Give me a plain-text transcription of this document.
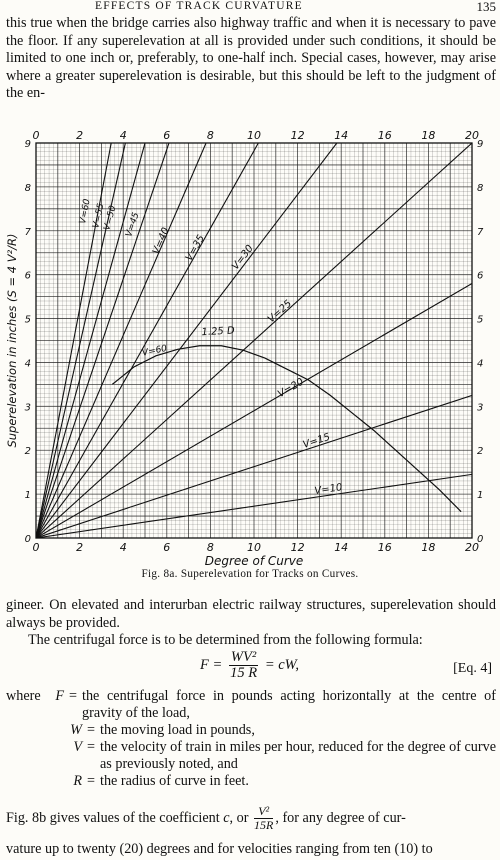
EFFECTS OF TRACK CURVATURE	135
this true when the bridge carries also highway traffic and when it is necessary to pave the floor. If any superelevation at all is provided under such conditions, it should be limited to one inch or, preferably, to one-half inch. Special cases, however, may arise where a greater superelevation is desirable, but this should be left to the judgment of the en-
0
0
2
2
4
4
6
6
8
8
10
10
12
12
14
14
16
16
18
18
20
20
0	0
1	1
2	2
3	3
4	4
5	5
6	6
7	7
8	8
9	9
Degree of Curve
Superelevation in inches (S = 4 V²/R)	1.25 D
V=10
V=15
V=20
V=25
V=30
V=35
V=40
V=45
V=50
V=55
V=60
V=60
Fig. 8a. Superelevation for Tracks on Curves.
gineer. On elevated and interurban electric railway structures, superelevation should always be provided.
The centrifugal force is to be determined from the following formula:
$F = \frac{\text{WV²}}{15 R}$ = cW,	[Eq. 4]
where	F = the centrifugal force in pounds acting horizontally at the centre of gravity of the load,
W = the moving load in pounds,
V = the velocity of train in miles per hour, reduced for the degree of curve as previously noted, and
R = the radius of curve in feet.
Fig. 8b gives values of the coefficient c, or $\frac{\text{V²}}{15R}$ , for any degree of cur-
vature up to twenty (20) degrees and for velocities ranging from ten (10) to
